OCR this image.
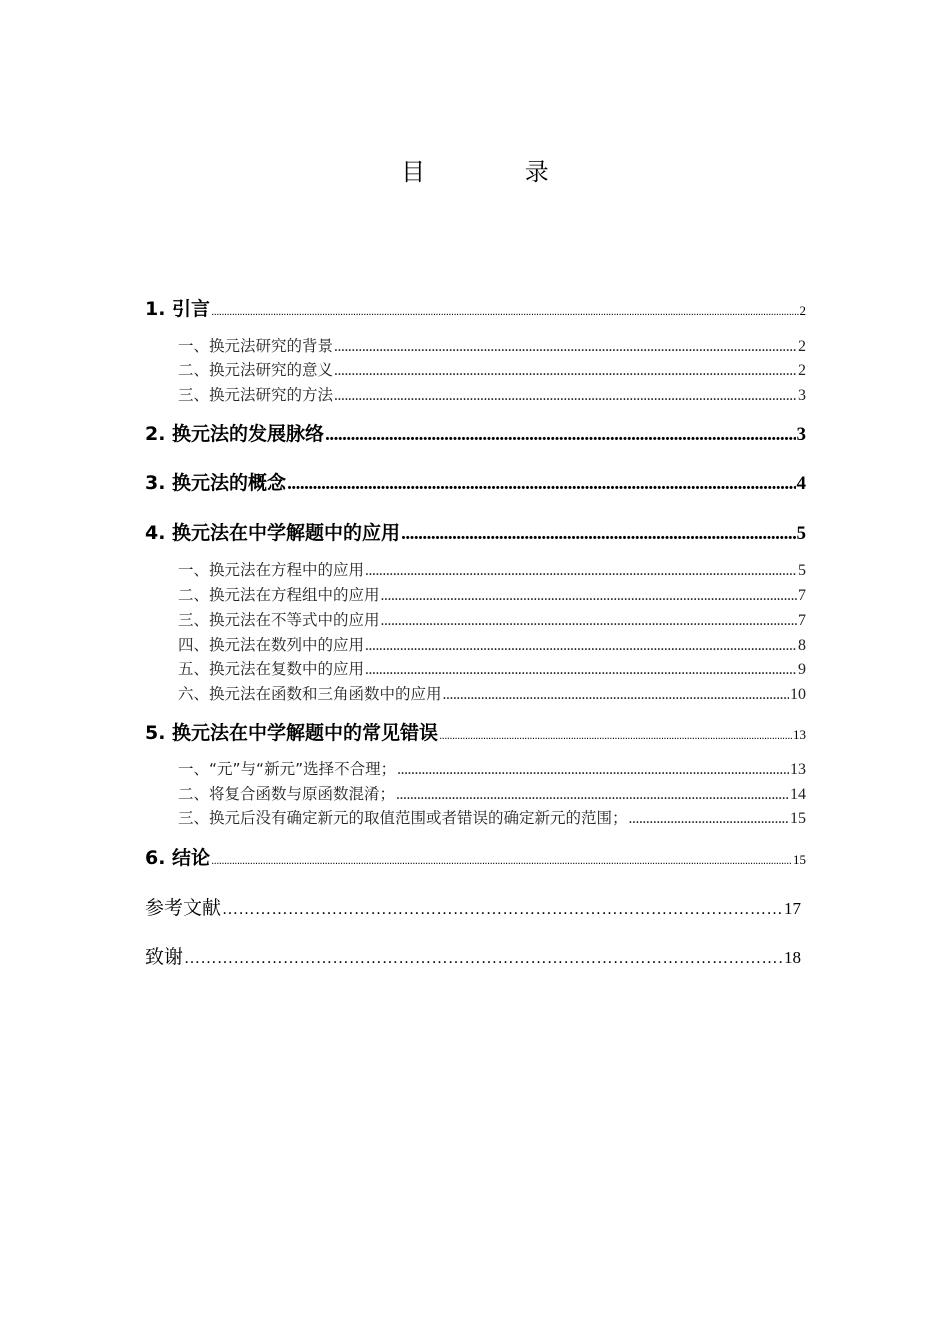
目 录
1. 引言 .....	2
一、换元法研究的背景 .....	2
二、换元法研究的意义 .....	2
三、换元法研究的方法 .....	3
2. 换元法的发展脉络 .....	3
3. 换元法的概念 .....	4
4. 换元法在中学解题中的应用 .....	5
一、换元法在方程中的应用 .....	5
二、换元法在方程组中的应用 .....	7
三、换元法在不等式中的应用 .....	7
四、换元法在数列中的应用 .....	8
五、换元法在复数中的应用 .....	9
六、换元法在函数和三角函数中的应用 .....	10
5. 换元法在中学解题中的常见错误 .....	13
一、“元”与“新元”选择不合理； .....	13
二、将复合函数与原函数混淆； .....	14
三、换元后没有确定新元的取值范围或者错误的确定新元的范围； .....	15
6. 结论 .....	15
参考文献 ……………………………………………………………………………………………………………………………………………………………	17
致谢 ……………………………………………………………………………………………………………………………………………………………	18
